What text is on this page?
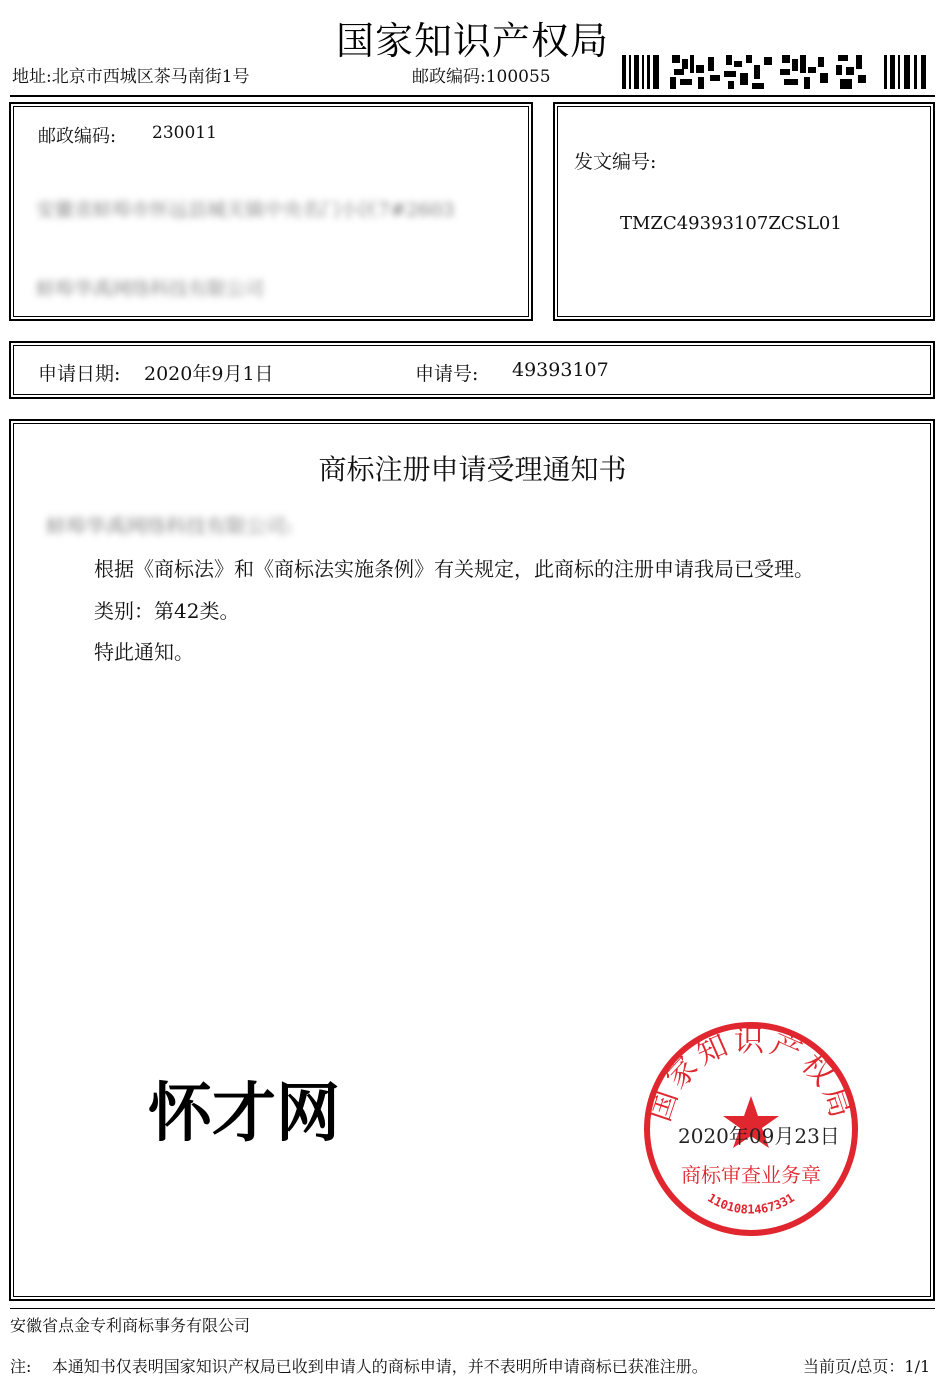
国家知识产权局
地址:北京市西城区茶马南街1号	邮政编码:100055
邮政编码: 230011
安徽省蚌埠市怀远县城关镇中央名门小区7#2603
蚌埠华禹网络科技有限公司
发文编号:
TMZC49393107ZCSL01
申请日期: 2020年9月1日	申请号: 49393107
商标注册申请受理通知书
蚌埠华禹网络科技有限公司:
根据《商标法》和《商标法实施条例》有关规定，此商标的注册申请我局已受理。
类别：第42类。
特此通知。
怀才网	国家知识产权局
商标审查业务章
1101081467331
2020年09月23日
安徽省点金专利商标事务有限公司
注:    本通知书仅表明国家知识产权局已收到申请人的商标申请，并不表明所申请商标已获准注册。	当前页/总页：1/1
